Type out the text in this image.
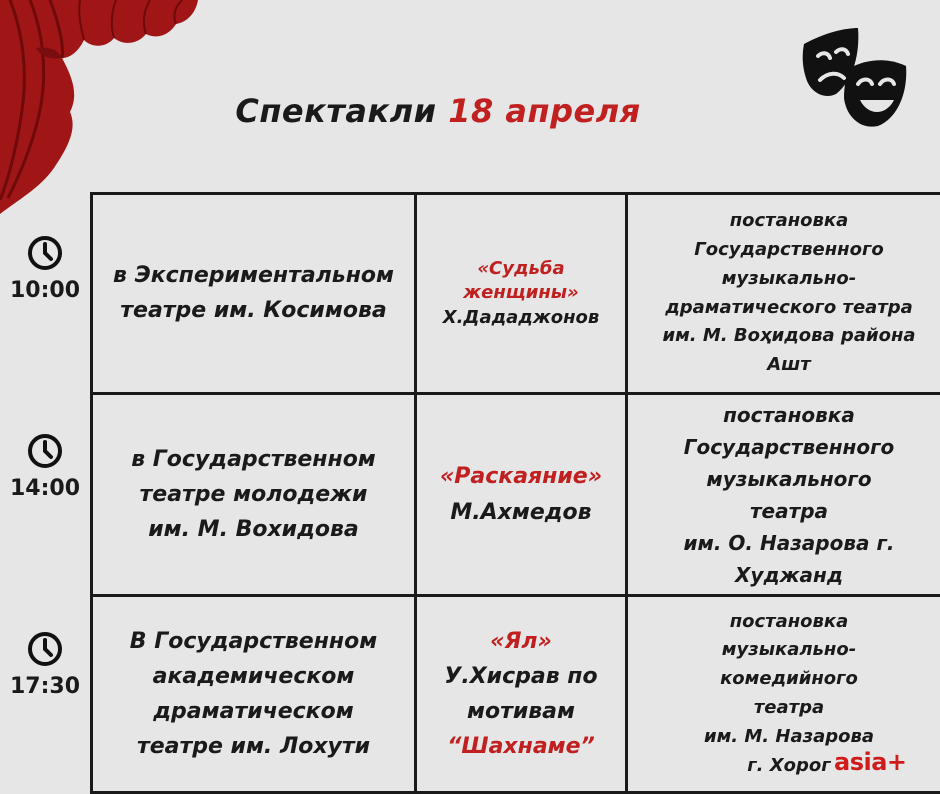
Спектакли 18 апреля
10:00
14:00
17:30
в Экспериментальном
театре им. Косимова
«Судьба женщины»
Х.Дададжонов
постановка
Государственного
музыкально-
драматического театра
им. М. Воҳидова района
Ашт
в Государственном
театре молодежи
им. М. Вохидова
«Раскаяние»
М.Ахмедов
постановка
Государственного
музыкального
театра
им. О. Назарова г.
Худжанд
В Государственном
академическом
драматическом
театре им. Лохути
«Ял»
У.Хисрав по мотивам
“Шахнаме”
постановка
музыкально-
комедийного
театра
им. М. Назарова
г. Хорог asia+
